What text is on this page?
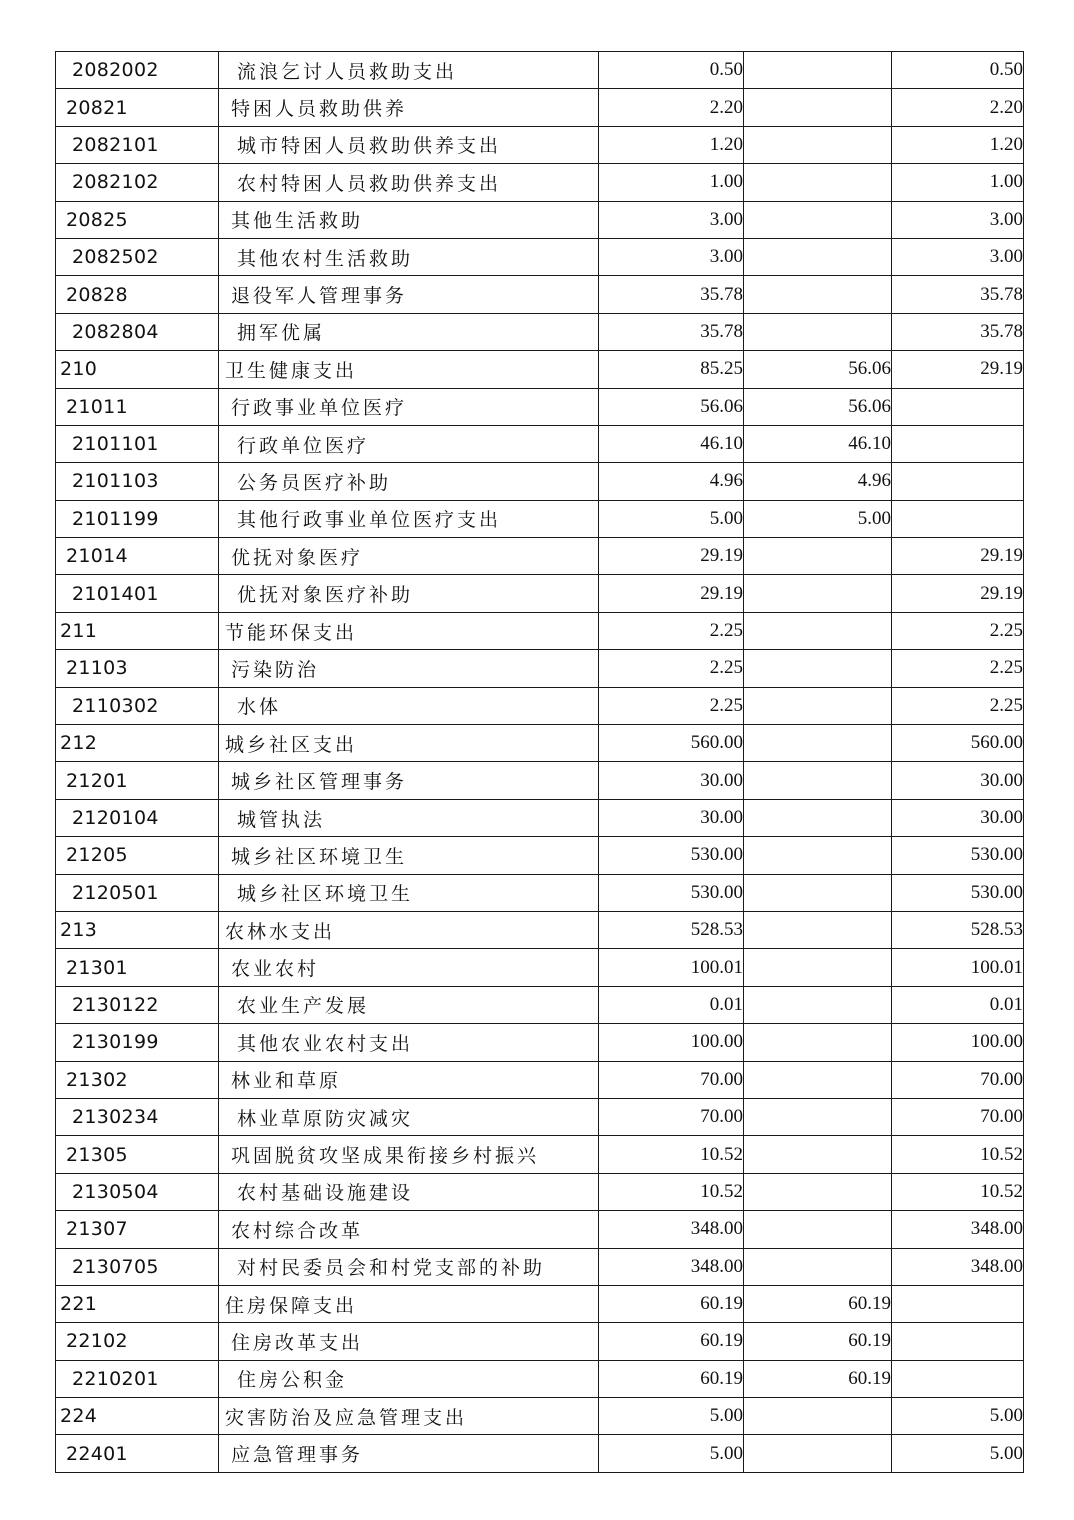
2082002	流浪乞讨人员救助支出	0.50		0.50
20821	特困人员救助供养	2.20		2.20
2082101	城市特困人员救助供养支出	1.20		1.20
2082102	农村特困人员救助供养支出	1.00		1.00
20825	其他生活救助	3.00		3.00
2082502	其他农村生活救助	3.00		3.00
20828	退役军人管理事务	35.78		35.78
2082804	拥军优属	35.78		35.78
210	卫生健康支出	85.25	56.06	29.19
21011	行政事业单位医疗	56.06	56.06	
2101101	行政单位医疗	46.10	46.10	
2101103	公务员医疗补助	4.96	4.96	
2101199	其他行政事业单位医疗支出	5.00	5.00	
21014	优抚对象医疗	29.19		29.19
2101401	优抚对象医疗补助	29.19		29.19
211	节能环保支出	2.25		2.25
21103	污染防治	2.25		2.25
2110302	水体	2.25		2.25
212	城乡社区支出	560.00		560.00
21201	城乡社区管理事务	30.00		30.00
2120104	城管执法	30.00		30.00
21205	城乡社区环境卫生	530.00		530.00
2120501	城乡社区环境卫生	530.00		530.00
213	农林水支出	528.53		528.53
21301	农业农村	100.01		100.01
2130122	农业生产发展	0.01		0.01
2130199	其他农业农村支出	100.00		100.00
21302	林业和草原	70.00		70.00
2130234	林业草原防灾减灾	70.00		70.00
21305	巩固脱贫攻坚成果衔接乡村振兴	10.52		10.52
2130504	农村基础设施建设	10.52		10.52
21307	农村综合改革	348.00		348.00
2130705	对村民委员会和村党支部的补助	348.00		348.00
221	住房保障支出	60.19	60.19	
22102	住房改革支出	60.19	60.19	
2210201	住房公积金	60.19	60.19	
224	灾害防治及应急管理支出	5.00		5.00
22401	应急管理事务	5.00		5.00
